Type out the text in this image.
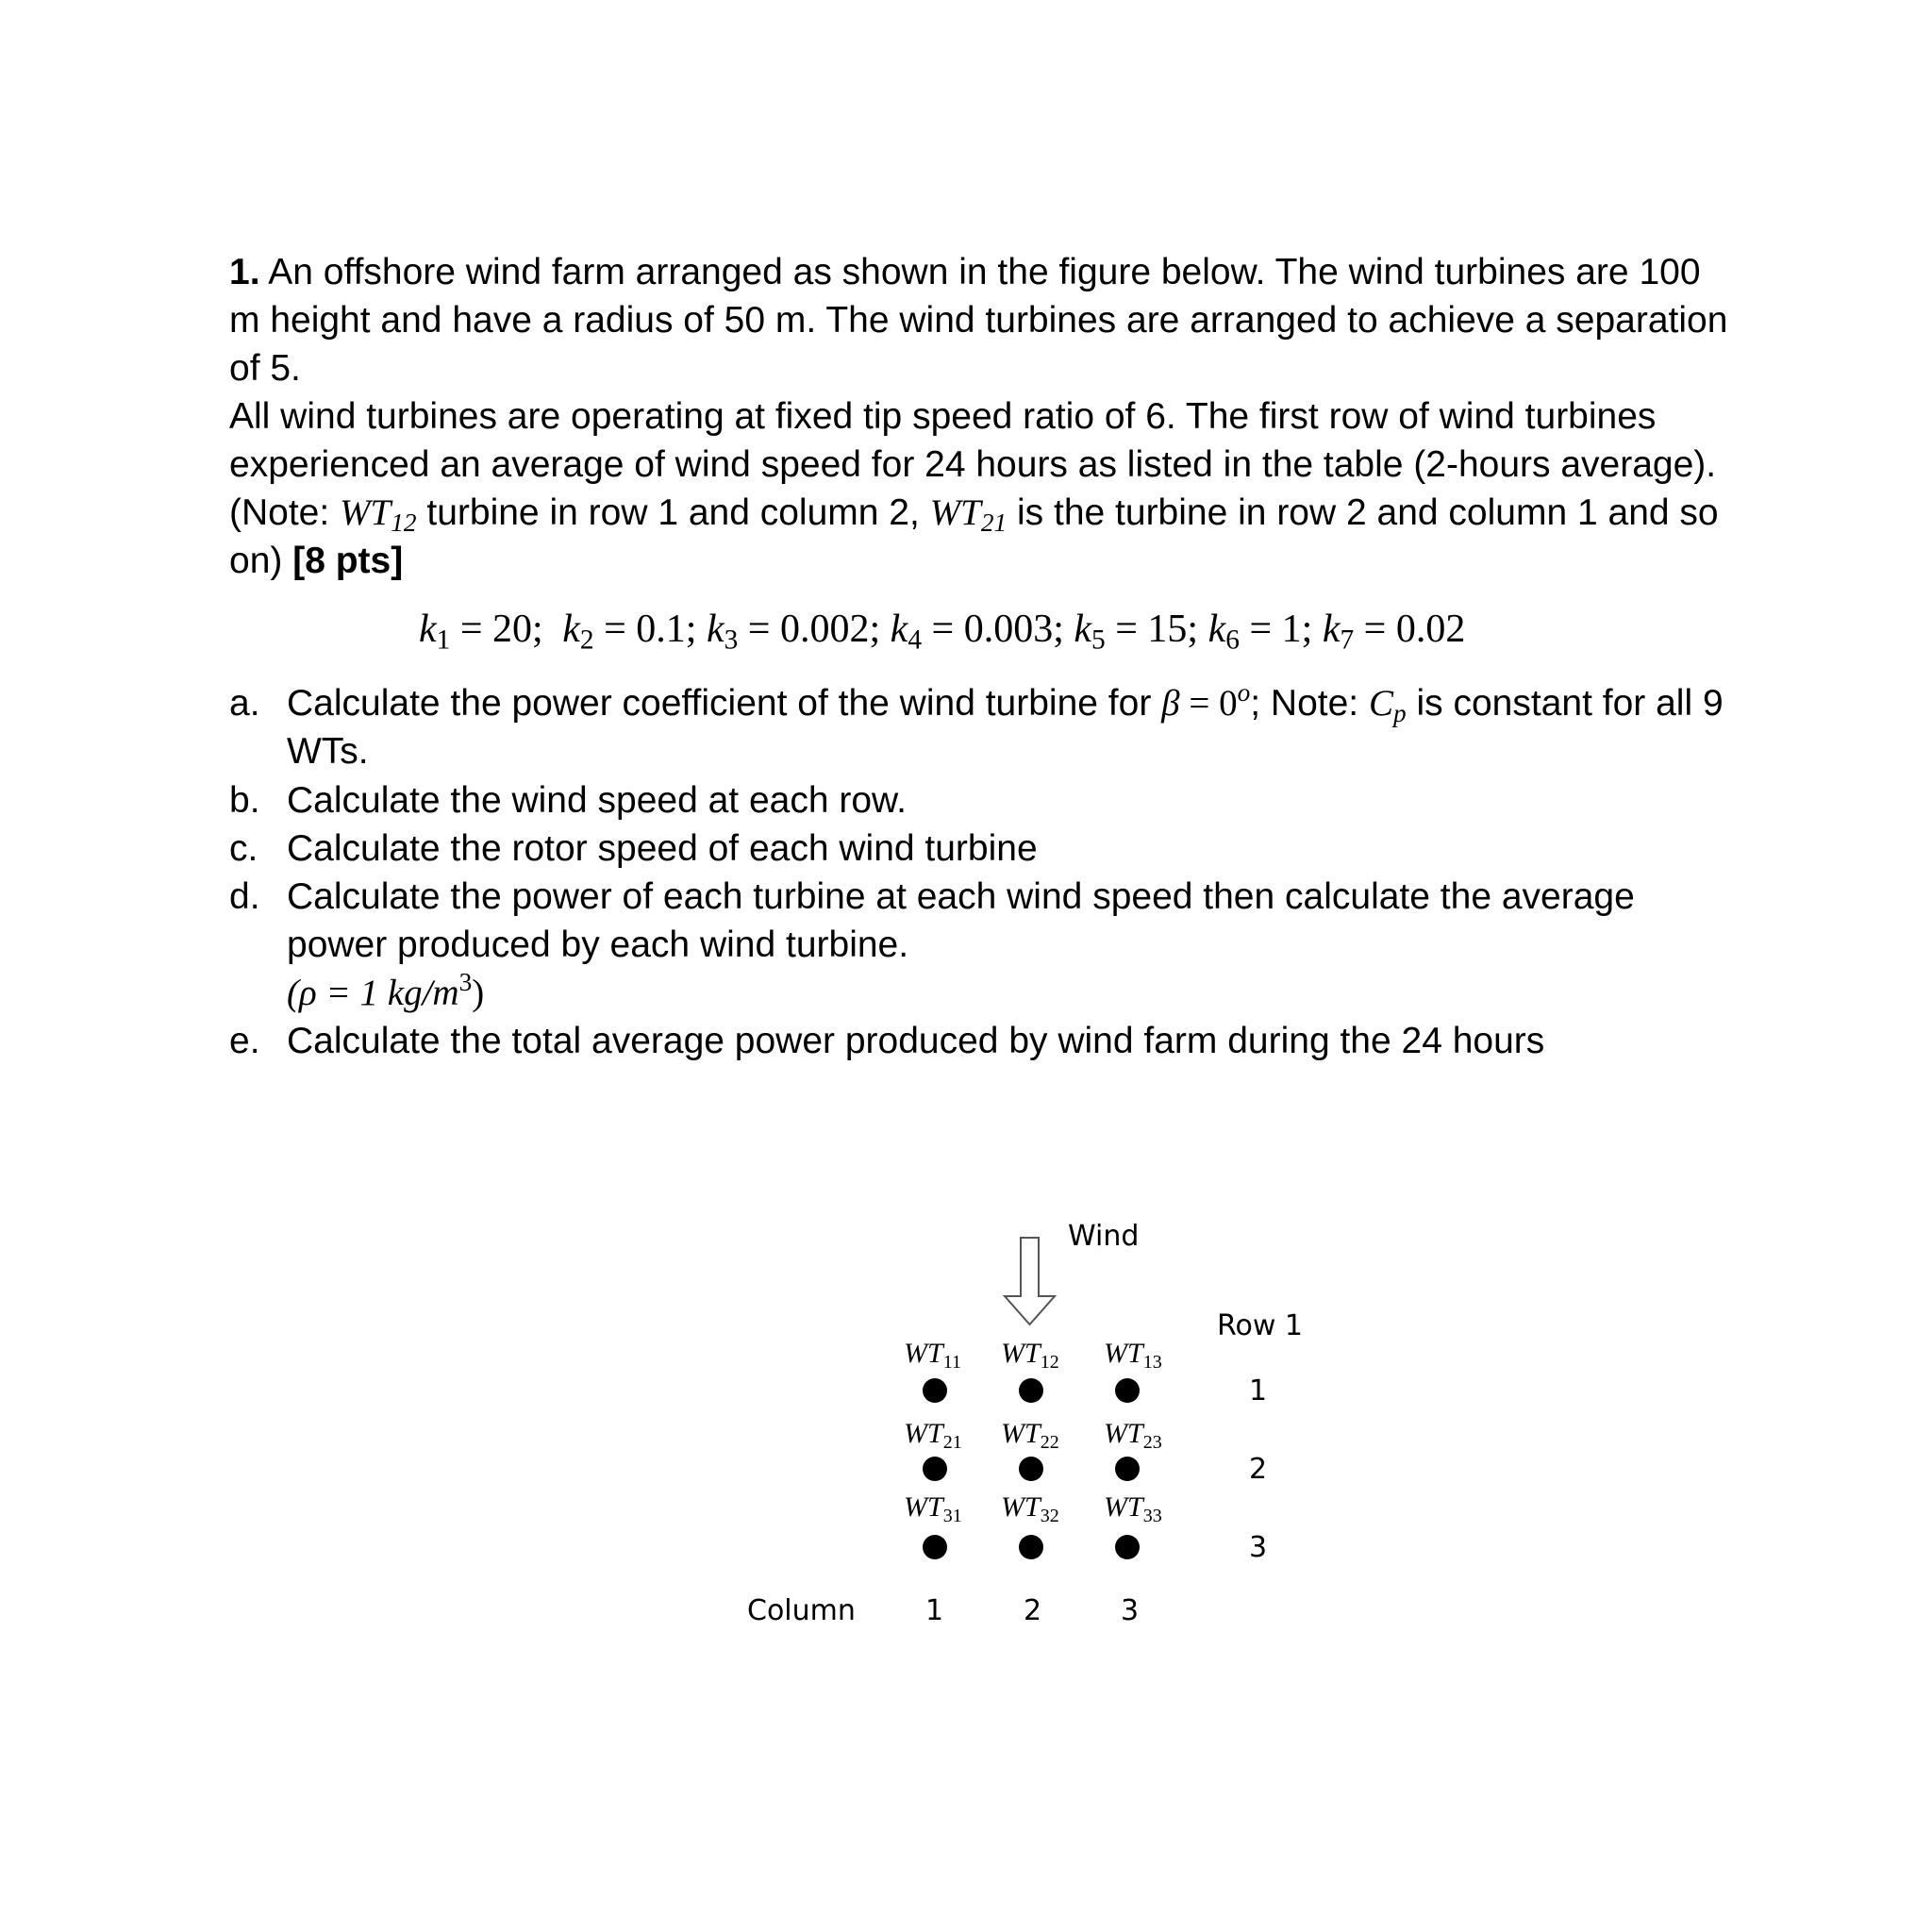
1. An offshore wind farm arranged as shown in the figure below. The wind turbines are 100 m height and have a radius of 50 m. The wind turbines are arranged to achieve a separation of 5.

All wind turbines are operating at fixed tip speed ratio of 6. The first row of wind turbines experienced an average of wind speed for 24 hours as listed in the table (2-hours average). (Note: $WT_{12}$ turbine in row 1 and column 2, $WT_{21}$ is the turbine in row 2 and column 1 and so on) [8 pts]

$k_1 = 20$; $k_2 = 0.1$; $k_3 = 0.002$; $k_4 = 0.003$; $k_5 = 15$; $k_6 = 1$; $k_7 = 0.02$
a. Calculate the power coefficient of the wind turbine for $\beta = 0^o$; Note: $C_p$ is constant for all 9 WTs.
b. Calculate the wind speed at each row.
c. Calculate the rotor speed of each wind turbine
d. Calculate the power of each turbine at each wind speed then calculate the average power produced by each wind turbine.
(ρ = 1 $kg/m^3$)
e. Calculate the total average power produced by wind farm during the 24 hours
Wind
Row 1
$WT_{11}$ $WT_{12}$ $WT_{13}$
1
$WT_{21}$ $WT_{22}$ $WT_{23}$
2
$WT_{31}$ $WT_{32}$ $WT_{33}$
3
Column 1	2	3
